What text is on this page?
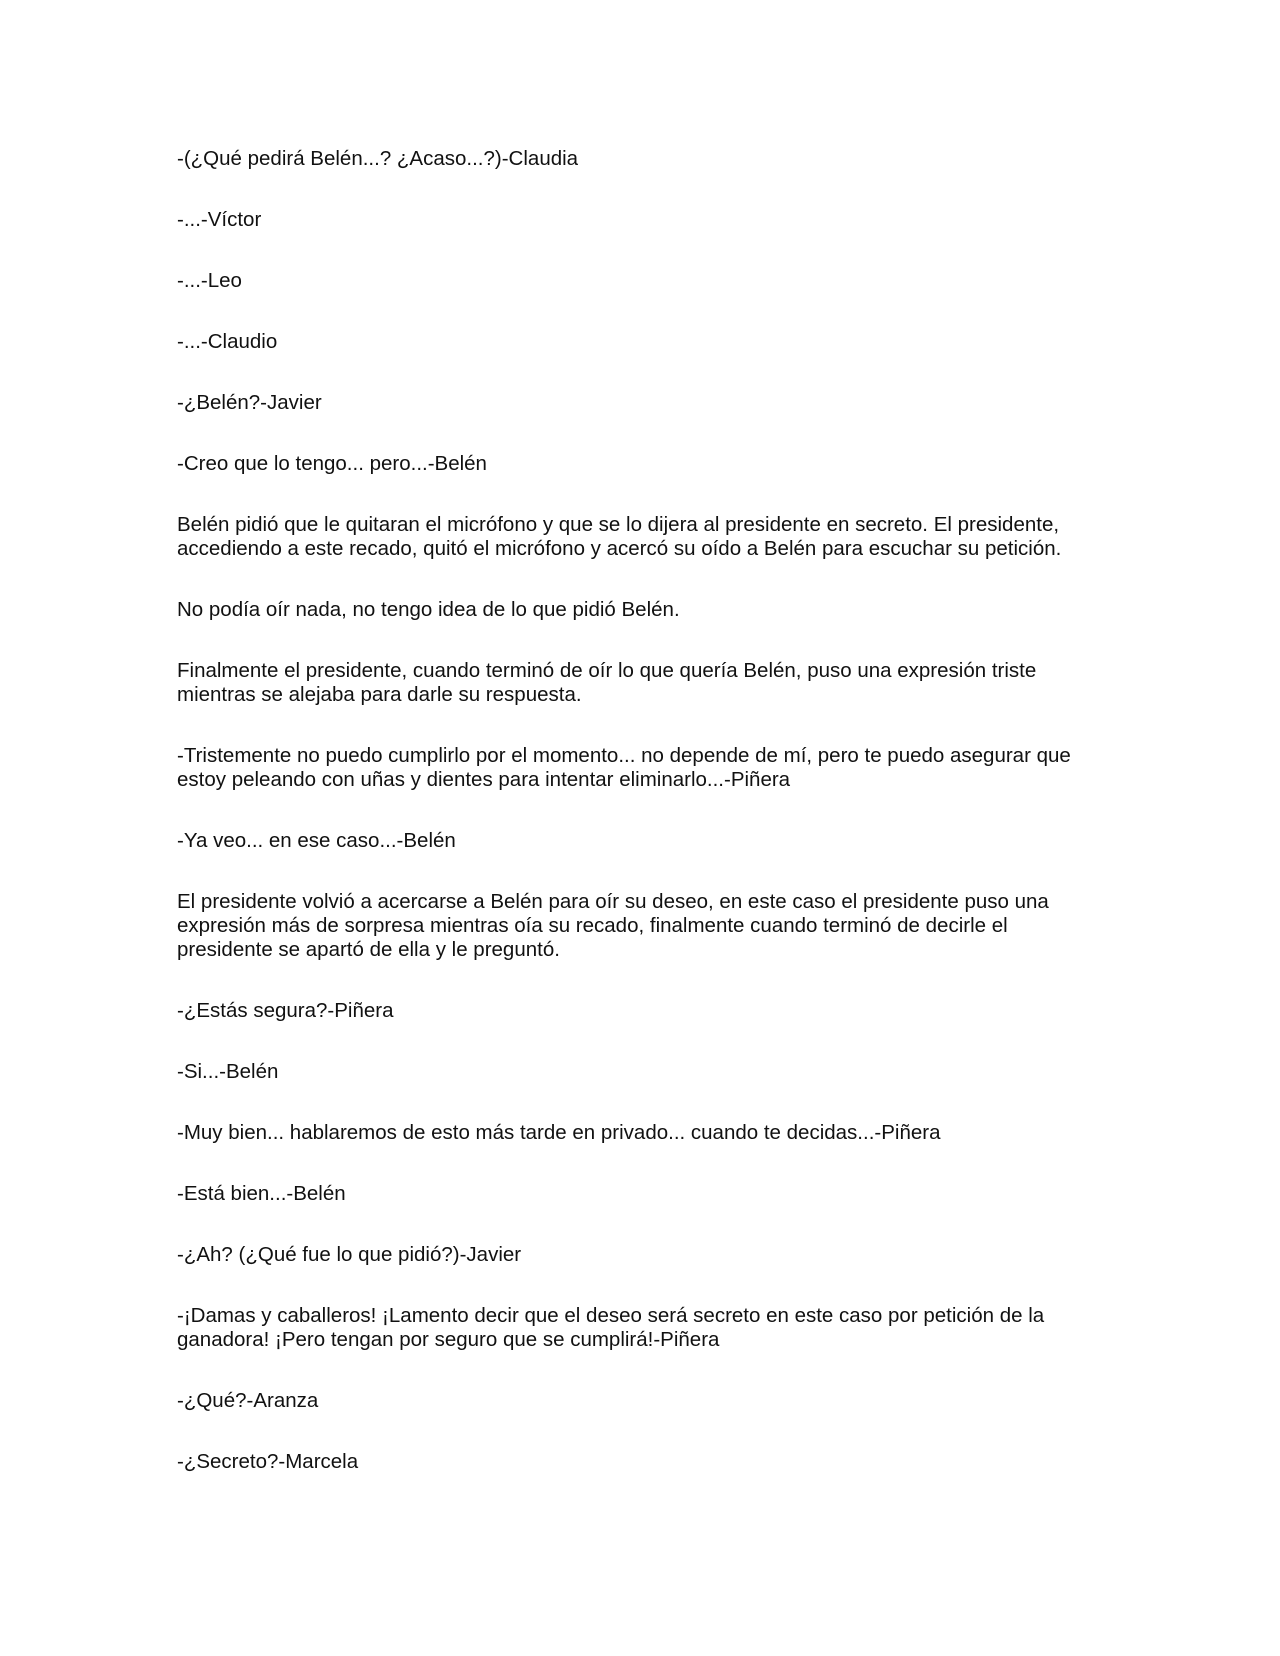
-(¿Qué pedirá Belén...? ¿Acaso...?)-Claudia

-...-Víctor

-...-Leo

-...-Claudio

-¿Belén?-Javier

-Creo que lo tengo... pero...-Belén

Belén pidió que le quitaran el micrófono y que se lo dijera al presidente en secreto. El presidente, accediendo a este recado, quitó el micrófono y acercó su oído a Belén para escuchar su petición.

No podía oír nada, no tengo idea de lo que pidió Belén.

Finalmente el presidente, cuando terminó de oír lo que quería Belén, puso una expresión triste mientras se alejaba para darle su respuesta.

-Tristemente no puedo cumplirlo por el momento... no depende de mí, pero te puedo asegurar que estoy peleando con uñas y dientes para intentar eliminarlo...-Piñera

-Ya veo... en ese caso...-Belén

El presidente volvió a acercarse a Belén para oír su deseo, en este caso el presidente puso una expresión más de sorpresa mientras oía su recado, finalmente cuando terminó de decirle el presidente se apartó de ella y le preguntó.

-¿Estás segura?-Piñera

-Si...-Belén

-Muy bien... hablaremos de esto más tarde en privado... cuando te decidas...-Piñera

-Está bien...-Belén

-¿Ah? (¿Qué fue lo que pidió?)-Javier

-¡Damas y caballeros! ¡Lamento decir que el deseo será secreto en este caso por petición de la ganadora! ¡Pero tengan por seguro que se cumplirá!-Piñera

-¿Qué?-Aranza

-¿Secreto?-Marcela
